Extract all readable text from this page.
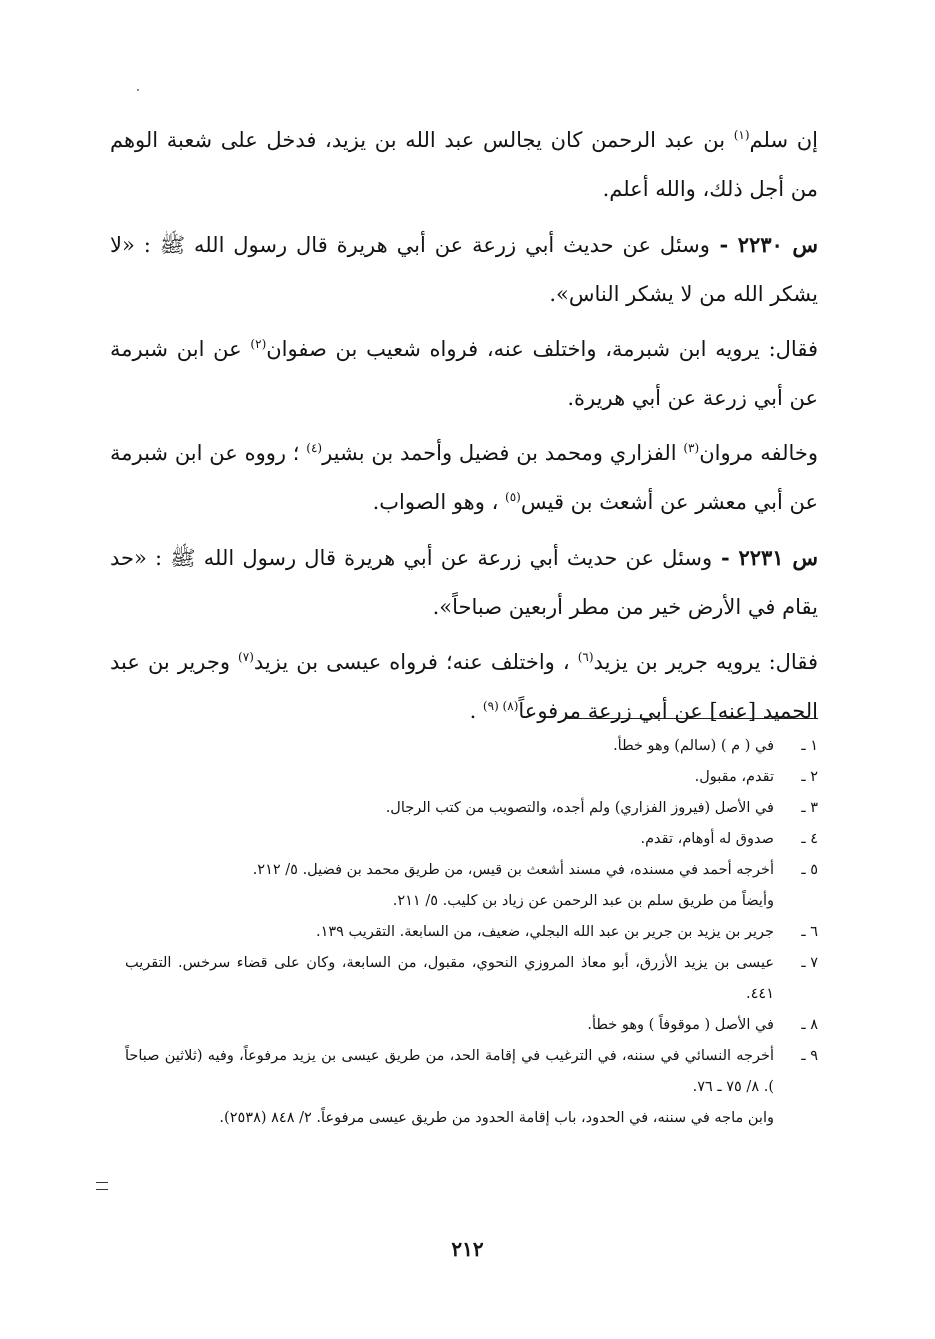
إن سلم$^{(١)}$ بن عبد الرحمن كان يجالس عبد الله بن يزيد، فدخل على شعبة الوهم من أجل ذلك، والله أعلم.

س ٢٢٣٠ - وسئل عن حديث أبي زرعة عن أبي هريرة قال رسول الله ﷺ : «لا يشكر الله من لا يشكر الناس».

فقال: يرويه ابن شبرمة، واختلف عنه، فرواه شعيب بن صفوان$^{(٢)}$ عن ابن شبرمة عن أبي زرعة عن أبي هريرة.

وخالفه مروان$^{(٣)}$ الفزاري ومحمد بن فضيل وأحمد بن بشير$^{(٤)}$ ؛ رووه عن ابن شبرمة عن أبي معشر عن أشعث بن قيس$^{(٥)}$ ، وهو الصواب.

س ٢٢٣١ - وسئل عن حديث أبي زرعة عن أبي هريرة قال رسول الله ﷺ : «حد يقام في الأرض خير من مطر أربعين صباحاً».

فقال: يرويه جرير بن يزيد$^{(٦)}$ ، واختلف عنه؛ فرواه عيسى بن يزيد$^{(٧)}$ وجرير بن عبد الحميد [عنه] عن أبي زرعة مرفوعاً$^{(٨) (٩)}$ .

١ ـ
في ( م ) (سالم) وهو خطأ.
٢ ـ
تقدم، مقبول.
٣ ـ
في الأصل (فيروز الفزاري) ولم أجده، والتصويب من كتب الرجال.
٤ ـ
صدوق له أوهام، تقدم.
٥ ـ
أخرجه أحمد في مسنده، في مسند أشعث بن قيس، من طريق محمد بن فضيل. ٥/ ٢١٢.
وأيضاً من طريق سلم بن عبد الرحمن عن زياد بن كليب. ٥/ ٢١١.
٦ ـ
جرير بن يزيد بن جرير بن عبد الله البجلي، ضعيف، من السابعة. التقريب ١٣٩.
٧ ـ
عيسى بن يزيد الأزرق، أبو معاذ المروزي النحوي، مقبول، من السابعة، وكان على قضاء سرخس. التقريب ٤٤١.
٨ ـ
في الأصل ( موقوفاً ) وهو خطأ.
٩ ـ
أخرجه النسائي في سننه، في الترغيب في إقامة الحد، من طريق عيسى بن يزيد مرفوعاً، وفيه (ثلاثين صباحاً ). ٨/ ٧٥ ـ ٧٦.
وابن ماجه في سننه، في الحدود، باب إقامة الحدود من طريق عيسى مرفوعاً. ٢/ ٨٤٨ (٢٥٣٨).
٢١٢
